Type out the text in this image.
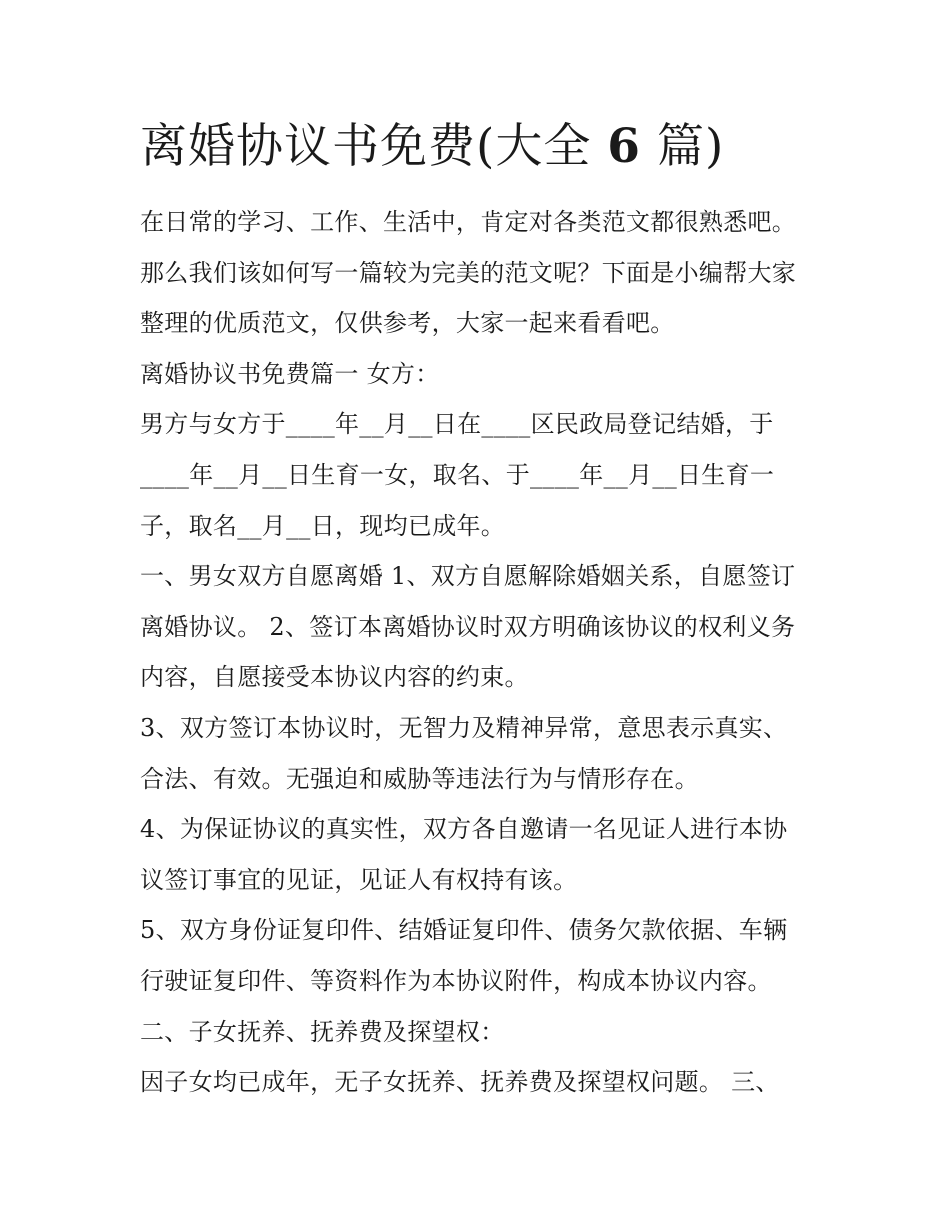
离婚协议书免费(大全 6 篇)
在日常的学习、工作、生活中，肯定对各类范文都很熟悉吧。
那么我们该如何写一篇较为完美的范文呢？下面是小编帮大家
整理的优质范文，仅供参考，大家一起来看看吧。
离婚协议书免费篇一 女方：
男方与女方于____年__月__日在____区民政局登记结婚，于
____年__月__日生育一女，取名、于____年__月__日生育一
子，取名__月__日，现均已成年。
一、男女双方自愿离婚 1、双方自愿解除婚姻关系，自愿签订
离婚协议。 2、签订本离婚协议时双方明确该协议的权利义务
内容，自愿接受本协议内容的约束。
3、双方签订本协议时，无智力及精神异常，意思表示真实、
合法、有效。无强迫和威胁等违法行为与情形存在。
4、为保证协议的真实性，双方各自邀请一名见证人进行本协
议签订事宜的见证，见证人有权持有该。
5、双方身份证复印件、结婚证复印件、债务欠款依据、车辆
行驶证复印件、等资料作为本协议附件，构成本协议内容。
二、子女抚养、抚养费及探望权：
因子女均已成年，无子女抚养、抚养费及探望权问题。 三、
